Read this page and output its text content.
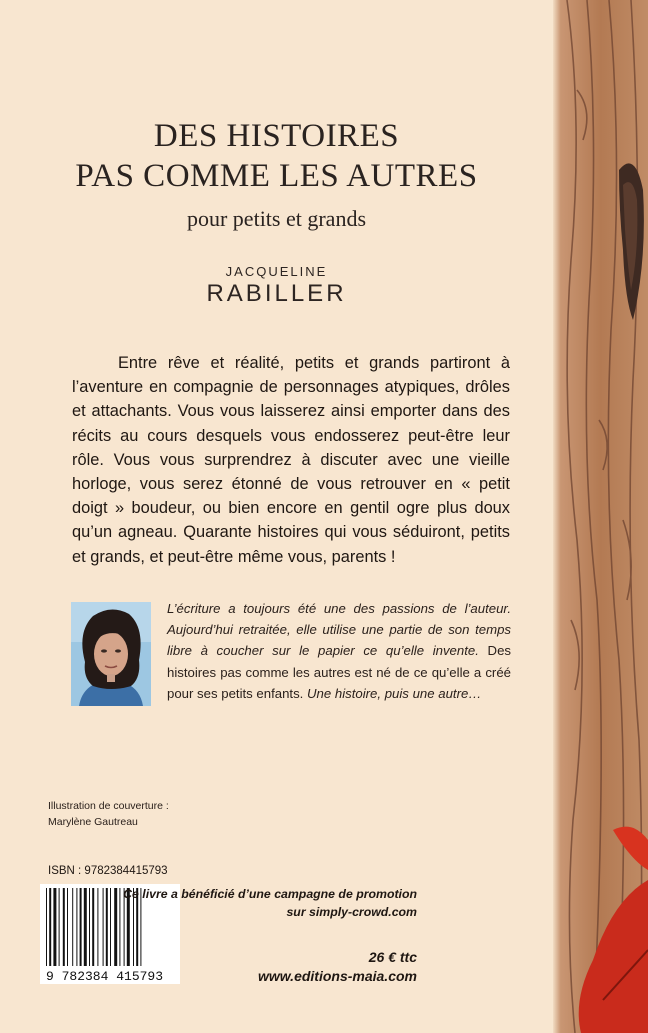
DES HISTOIRES
PAS COMME LES AUTRES
pour petits et grands
JACQUELINE
RABILLER

Entre rêve et réalité, petits et grands partiront à l’aventure en compagnie de personnages atypiques, drôles et attachants. Vous vous laisserez ainsi emporter dans des récits au cours desquels vous endosserez peut-être leur rôle. Vous vous surprendrez à discuter avec une vieille horloge, vous serez étonné de vous retrouver en « petit doigt » boudeur, ou bien encore en gentil ogre plus doux qu’un agneau. Quarante histoires qui vous séduiront, petits et grands, et peut-être même vous, parents !

L’écriture a toujours été une des passions de l’auteur. Aujourd’hui retraitée, elle utilise une partie de son temps libre à coucher sur le papier ce qu’elle invente. Des histoires pas comme les autres est né de ce qu’elle a créé pour ses petits enfants. Une histoire, puis une autre…

Illustration de couverture :
Marylène Gautreau
ISBN : 9782384415793
9 782384 415793
Ce livre a bénéficié d’une campagne de promotion
sur simply-crowd.com
26 € ttc
www.editions-maia.com
